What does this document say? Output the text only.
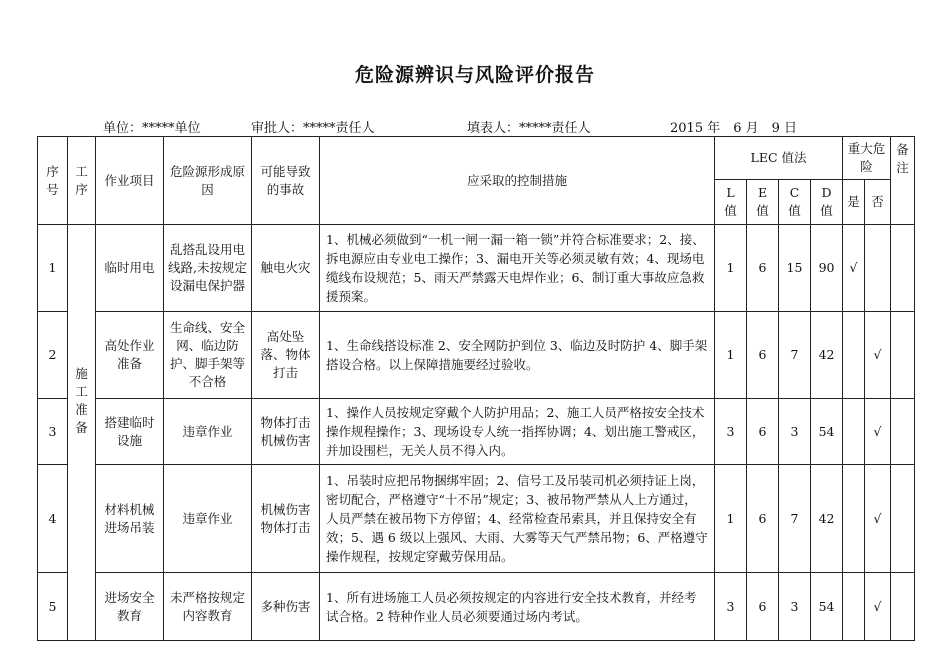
危险源辨识与风险评价报告
单位：*****单位	审批人：*****责任人	填表人：*****责任人	2015 年　6 月　9 日
序号	工序	作业项目	危险源形成原　因	可能导致的事故	应采取的控制措施	LEC 值法				重大危险		备注

						L值	E值	C值	D值	是	否	
1	施工准备	临时用电	乱搭乱设用电线路,未按规定设漏电保护器	触电火灾	1、机械必须做到“一机一闸一漏一箱一锁”并符合标准要求；2、接、拆电源应由专业电工操作；3、漏电开关等必须灵敏有效；4、现场电缆线布设规范；5、雨天严禁露天电焊作业；6、制订重大事故应急救援预案。	1	6	15	90	√		
2		高处作业准备	生命线、安全网、临边防护、脚手架等不合格	高处坠落、物体打击	1、生命线搭设标准 2、安全网防护到位 3、临边及时防护 4、脚手架搭设合格。以上保障措施要经过验收。	1	6	7	42		√	
3		搭建临时设施	违章作业	物体打击机械伤害	1、操作人员按规定穿戴个人防护用品；2、施工人员严格按安全技术操作规程操作；3、现场设专人统一指挥协调；4、划出施工警戒区，并加设围栏，无关人员不得入内。	3	6	3	54		√	
4		材料机械进场吊装	违章作业	机械伤害物体打击	1、吊装时应把吊物捆绑牢固；2、信号工及吊装司机必须持证上岗，密切配合，严格遵守“十不吊”规定；3、被吊物严禁从人上方通过，人员严禁在被吊物下方停留；4、经常检查吊索具，并且保持安全有效；5、遇 6 级以上强风、大雨、大雾等天气严禁吊物；6、严格遵守操作规程，按规定穿戴劳保用品。	1	6	7	42		√	
5		进场安全教育	未严格按规定内容教育	多种伤害	1、所有进场施工人员必须按规定的内容进行安全技术教育，并经考试合格。2 特种作业人员必须要通过场内考试。	3	6	3	54		√	
